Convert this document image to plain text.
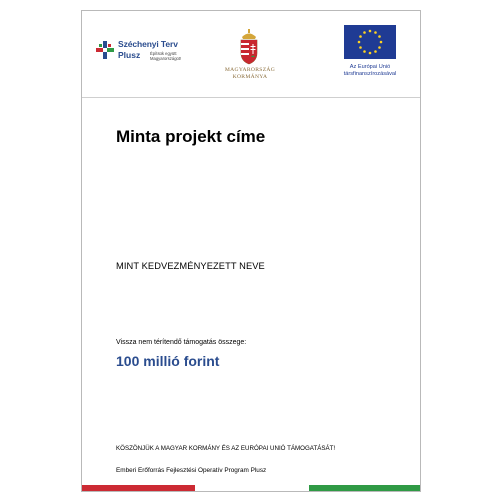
Széchenyi Terv
Plusz Építsük együtt Magyarországot!
MAGYARORSZÁG
KORMÁNYA
Az Európai Unió
társfinanszírozásával
Minta projekt címe
MINT KEDVEZMÉNYEZETT NEVE
Vissza nem térítendő támogatás összege:
100 millió forint
KÖSZÖNJÜK A MAGYAR KORMÁNY ÉS AZ EURÓPAI UNIÓ TÁMOGATÁSÁT!
Emberi Erőforrás Fejlesztési Operatív Program Plusz
